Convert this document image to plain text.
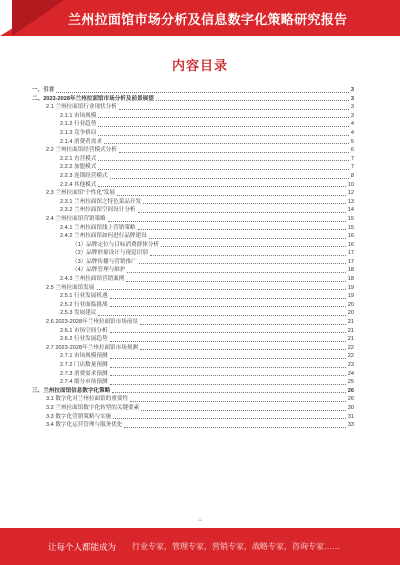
兰州拉面馆市场分析及信息数字化策略研究报告
内容目录
一、引言	3
二、2023-2028年兰州拉面馆市场分析及前景展望	3
2.1 兰州拉面馆行业现状分析	3
2.1.1 市场规模	3
2.1.2 行业趋势	4
2.1.3 竞争格局	4
2.1.4 消费者需求	5
2.2 兰州拉面馆经营模式分析	6
2.2.1 直营模式	7
2.2.2 加盟模式	7
2.2.3 连锁经营模式	8
2.2.4 其他模式	10
2.3 兰州拉面馆“个性化”发展	12
2.3.1 兰州拉面馆之特色菜品开发	13
2.3.2 兰州拉面馆空间设计分析	14
2.4 兰州拉面馆营销策略	15
2.4.1 兰州拉面馆线上营销策略	15
2.4.2 兰州拉面馆如何进行品牌建设	16
（1）品牌定位与目标消费群体分析	16
（2）品牌形象设计与视觉识别	17
（3）品牌传播与营销推广	17
（4）品牌管理与维护	18
2.4.3 兰州拉面馆营销案例	18
2.5 兰州拉面馆发展	19
2.5.1 行业发展机遇	19
2.5.2 行业面临挑战	20
2.5.3 发展建议	20
2.6 2023-2028年兰州拉面馆市场前景	21
2.6.1 市场空间分析	21
2.6.2 行业发展趋势	21
2.7 2023-2028年兰州拉面馆市场预测	22
2.7.1 市场规模预测	22
2.7.2 门店数量预测	23
2.7.3 消费需求预测	24
2.7.4 细分市场预测	25
三、兰州拉面馆信息数字化策略	26
3.1 数字化对兰州拉面馆的重要性	26
3.2 兰州拉面馆数字化转型的关键要素	30
3.3 数字化营销策略与实施	31
3.4 数字化运营管理与服务优化	33
-1-
让每个人都能成为 行业专家，管理专家，营销专家，战略专家，咨询专家……
